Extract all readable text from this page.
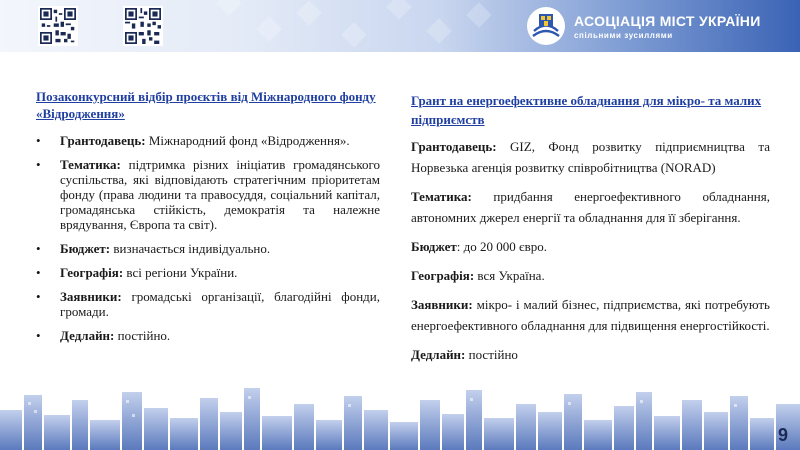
АСОЦІАЦІЯ МІСТ УКРАЇНИ
спільними зусиллями
Позаконкурсний відбір проєктів від Міжнародного фонду «Відродження»
• Грантодавець: Міжнародний фонд «Відродження».
• Тематика: підтримка різних ініціатив громадянського суспільства, які відповідають стратегічним пріоритетам фонду (права людини та правосуддя, соціальний капітал, громадянська стійкість, демократія та належне врядування, Європа та світ).
• Бюджет: визначається індивідуально.
• Географія: всі регіони України.
• Заявники: громадські організації, благодійні фонди, громади.
• Дедлайн: постійно.
Грант на енергоефективне обладнання для мікро- та малих підприємств
Грантодавець: GIZ, Фонд розвитку підприємництва та Норвезька агенція розвитку співробітництва (NORAD)
Тематика: придбання енергоефективного обладнання, автономних джерел енергії та обладнання для її зберігання.
Бюджет: до 20 000 євро.
Географія: вся Україна.
Заявники: мікро- і малий бізнес, підприємства, які потребують енергоефективного обладнання для підвищення енергостійкості.
Дедлайн: постійно
9
